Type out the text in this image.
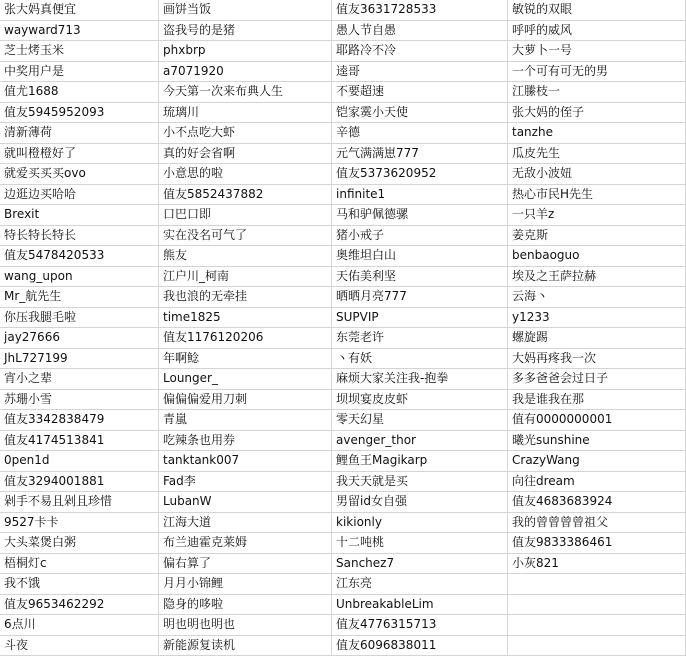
张大妈真便宜	画饼当饭	值友3631728533	敏锐的双眼
wayward713	盗我号的是猪	愚人节自愚	呼呼的威风
芝士烤玉米	phxbrp	耶路冷不冷	大萝卜一号
中奖用户是	a7071920	逵哥	一个可有可无的男
值尤1688	今天第一次来布典人生	不要超速	江縢枝一
值友5945952093	琉璃川	铠家霙小天使	张大妈的侄子
清新薄荷	小不点吃大虾	辛德	tanzhe
就叫橙橙好了	真的好会省啊	元气满满崽777	瓜皮先生
就爱买买买ovo	小意思的啦	值友5373620952	无敌小波妞
边逛边买哈哈	值友5852437882	infinite1	热心市民H先生
Brexit	口巴口即	马和驴佩德骡	一只羊z
特长特长特长	实在没名可气了	猪小戒子	姜克斯
值友5478420533	熊友	奥维坦白山	benbaoguo
wang_upon	江户川_柯南	天佑美利坚	埃及之王萨拉赫
Mr_航先生	我也浪的无牵挂	晒晒月亮777	云海丶
你压我腿毛啦	time1825	SUPVIP	y1233
jay27666	值友1176120206	东莞老许	螺旋踢
JhL727199	年啊鲶	丶有妖	大妈再疼我一次
宵小之辈	Lounger_	麻烦大家关注我-抱拳	多多爸爸会过日子
苏珊小雪	偏偏偏爱用刀刺	坝坝宴皮皮虾	我是谁我在那
值友3342838479	青嵐	零天幻星	值有0000000001
值友4174513841	吃辣条也用券	avenger_thor	曦光sunshine
0pen1d	tanktank007	鲤鱼王Magikarp	CrazyWang
值友3294001881	Fad李	我天天就是买	向往dream
剁手不易且剁且珍惜	LubanW	男留id女自强	值友4683683924
9527卡卡	江海大道	kikionly	我的曾曾曾曾祖父
大头菜煲白粥	布兰迪霍克莱姆	十二吨桃	值友9833386461
梧桐灯c	偏右算了	Sanchez7	小灰821
我不饿	月月小锦鲤	江东亮	
值友9653462292	隐身的哆啦	UnbreakableLim	
6点川	明也明也明也	值友4776315713	
斗夜	新能源复读机	值友6096838011	
